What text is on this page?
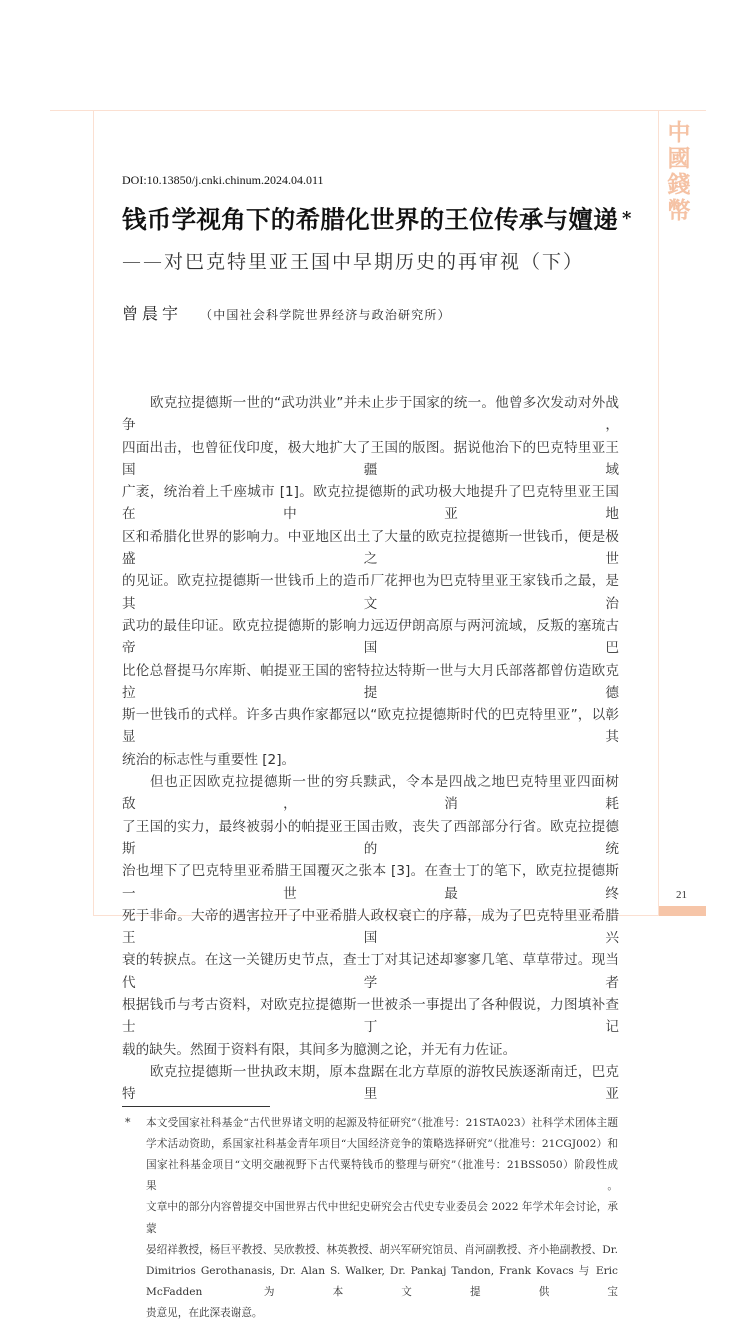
中
國
錢
幣
DOI:10.13850/j.cnki.chinum.2024.04.011
钱币学视角下的希腊化世界的王位传承与嬗递 *
——对巴克特里亚王国中早期历史的再审视（下）
曾晨宇 （中国社会科学院世界经济与政治研究所）
欧克拉提德斯一世的“武功洪业”并未止步于国家的统一。他曾多次发动对外战争，
四面出击，也曾征伐印度，极大地扩大了王国的版图。据说他治下的巴克特里亚王国疆域
广袤，统治着上千座城市 [1]。欧克拉提德斯的武功极大地提升了巴克特里亚王国在中亚地
区和希腊化世界的影响力。中亚地区出土了大量的欧克拉提德斯一世钱币，便是极盛之世
的见证。欧克拉提德斯一世钱币上的造币厂花押也为巴克特里亚王家钱币之最，是其文治
武功的最佳印证。欧克拉提德斯的影响力远迈伊朗高原与两河流域，反叛的塞琉古帝国巴
比伦总督提马尔库斯、帕提亚王国的密特拉达特斯一世与大月氏部落都曾仿造欧克拉提德
斯一世钱币的式样。许多古典作家都冠以“欧克拉提德斯时代的巴克特里亚”，以彰显其
统治的标志性与重要性 [2]。
但也正因欧克拉提德斯一世的穷兵黩武，令本是四战之地巴克特里亚四面树敌，消耗
了王国的实力，最终被弱小的帕提亚王国击败，丧失了西部部分行省。欧克拉提德斯的统
治也埋下了巴克特里亚希腊王国覆灭之张本 [3]。在查士丁的笔下，欧克拉提德斯一世最终
死于非命。大帝的遇害拉开了中亚希腊人政权衰亡的序幕，成为了巴克特里亚希腊王国兴
衰的转捩点。在这一关键历史节点，查士丁对其记述却寥寥几笔、草草带过。现当代学者
根据钱币与考古资料，对欧克拉提德斯一世被杀一事提出了各种假说，力图填补查士丁记
载的缺失。然囿于资料有限，其间多为臆测之论，并无有力佐证。
欧克拉提德斯一世执政末期，原本盘踞在北方草原的游牧民族逐渐南迁，巴克特里亚
* 本文受国家社科基金“古代世界诸文明的起源及特征研究”（批准号：21STA023）社科学术团体主题
学术活动资助，系国家社科基金青年项目“大国经济竞争的策略选择研究”（批准号：21CGJ002）和
国家社科基金项目“文明交融视野下古代粟特钱币的整理与研究”（批准号：21BSS050）阶段性成果。
文章中的部分内容曾提交中国世界古代中世纪史研究会古代史专业委员会 2022 年学术年会讨论，承蒙
晏绍祥教授，杨巨平教授、吴欣教授、林英教授、胡兴军研究馆员、肖河副教授、齐小艳副教授、Dr.
Dimitrios Gerothanasis, Dr. Alan S. Walker, Dr. Pankaj Tandon, Frank Kovacs 与 Eric McFadden 为本文提供宝
贵意见，在此深表谢意。
21
